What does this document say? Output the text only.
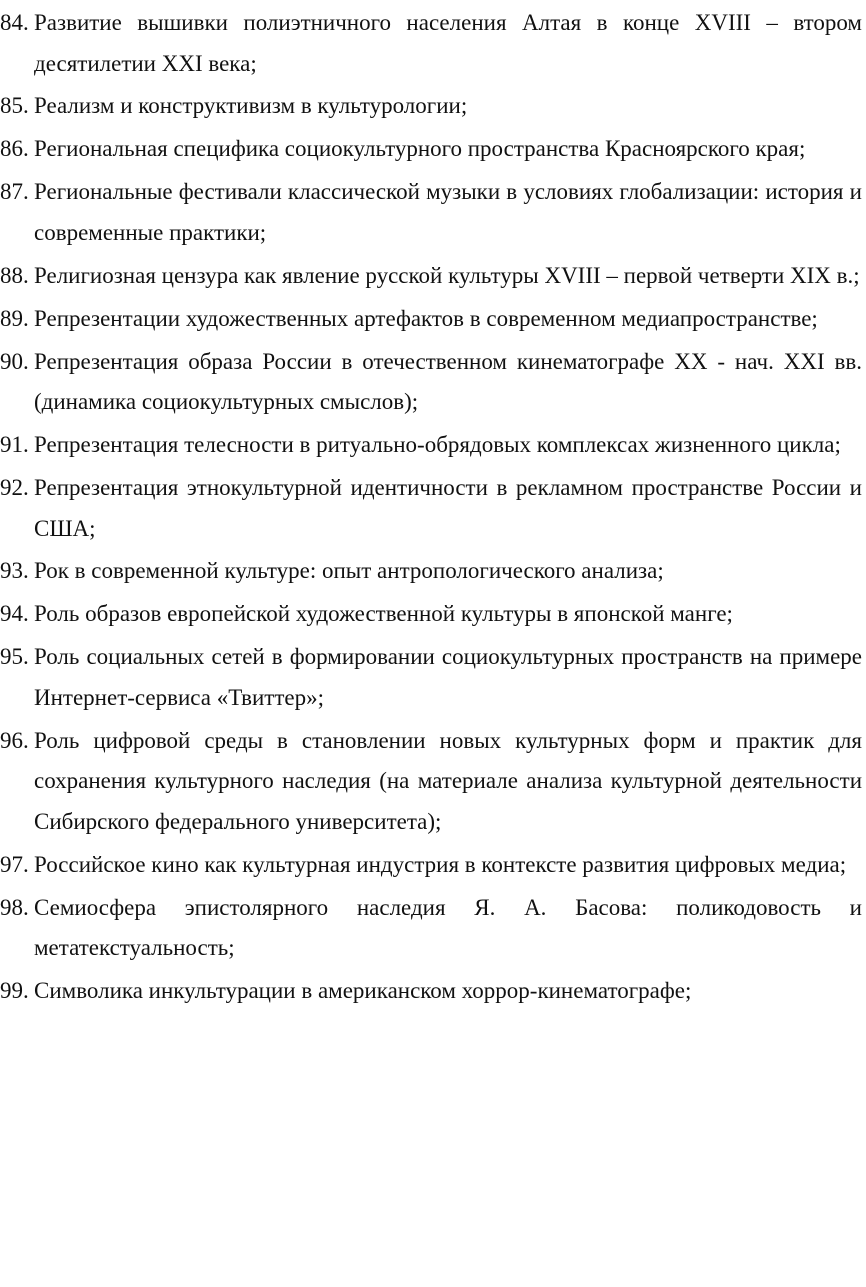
84. Развитие вышивки полиэтничного населения Алтая в конце XVIII – втором десятилетии XXI века;
85. Реализм и конструктивизм в культурологии;
86. Региональная специфика социокультурного пространства Красноярского края;
87. Региональные фестивали классической музыки в условиях глобализации: история и современные практики;
88. Религиозная цензура как явление русской культуры XVIII – первой четверти XIX в.;
89. Репрезентации художественных артефактов в современном медиапространстве;
90. Репрезентация образа России в отечественном кинематографе ХХ - нач. XXI вв. (динамика социокультурных смыслов);
91. Репрезентация телесности в ритуально-обрядовых комплексах жизненного цикла;
92. Репрезентация этнокультурной идентичности в рекламном пространстве России и США;
93. Рок в современной культуре: опыт антропологического анализа;
94. Роль образов европейской художественной культуры в японской манге;
95. Роль социальных сетей в формировании социокультурных пространств на примере Интернет-сервиса «Твиттер»;
96. Роль цифровой среды в становлении новых культурных форм и практик для сохранения культурного наследия (на материале анализа культурной деятельности Сибирского федерального университета);
97. Российское кино как культурная индустрия в контексте развития цифровых медиа;
98. Семиосфера эпистолярного наследия Я. А. Басова: поликодовость и метатекстуальность;
99. Символика инкультурации в американском хоррор-кинематографе;
